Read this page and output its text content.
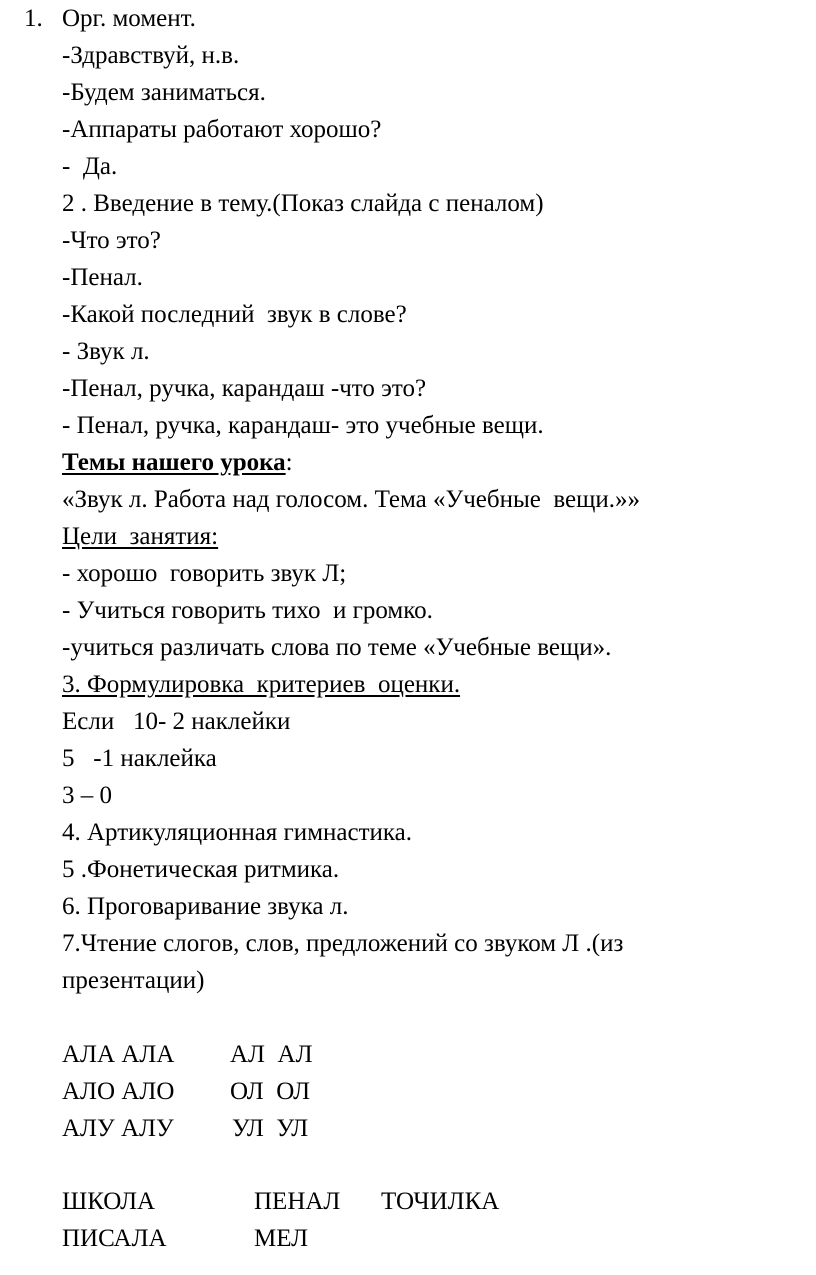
1. Орг. момент.
-Здравствуй, н.в.
-Будем заниматься.
-Аппараты работают хорошо?
-  Да.
2 . Введение в тему.(Показ слайда с пеналом)
-Что это?
-Пенал.
-Какой последний  звук в слове?
- Звук л.
-Пенал, ручка, карандаш -что это?
- Пенал, ручка, карандаш- это учебные вещи.
Темы нашего урока:
«Звук л. Работа над голосом. Тема «Учебные  вещи.»»
Цели  занятия:
- хорошо  говорить звук Л;
- Учиться говорить тихо  и громко.
-учиться различать слова по теме «Учебные вещи».
3. Формулировка  критериев  оценки.
Если   10- 2 наклейки
5   -1 наклейка
3 – 0
4. Артикуляционная гимнастика.
5 .Фонетическая ритмика.
6. Проговаривание звука л.
7.Чтение слогов, слов, предложений со звуком Л .(из
презентации)
АЛА АЛА АЛ  АЛ
АЛО АЛО ОЛ  ОЛ
АЛУ АЛУ УЛ  УЛ
ШКОЛА	ПЕНАЛ ТОЧИЛКА
ПИСАЛА	МЕЛ
